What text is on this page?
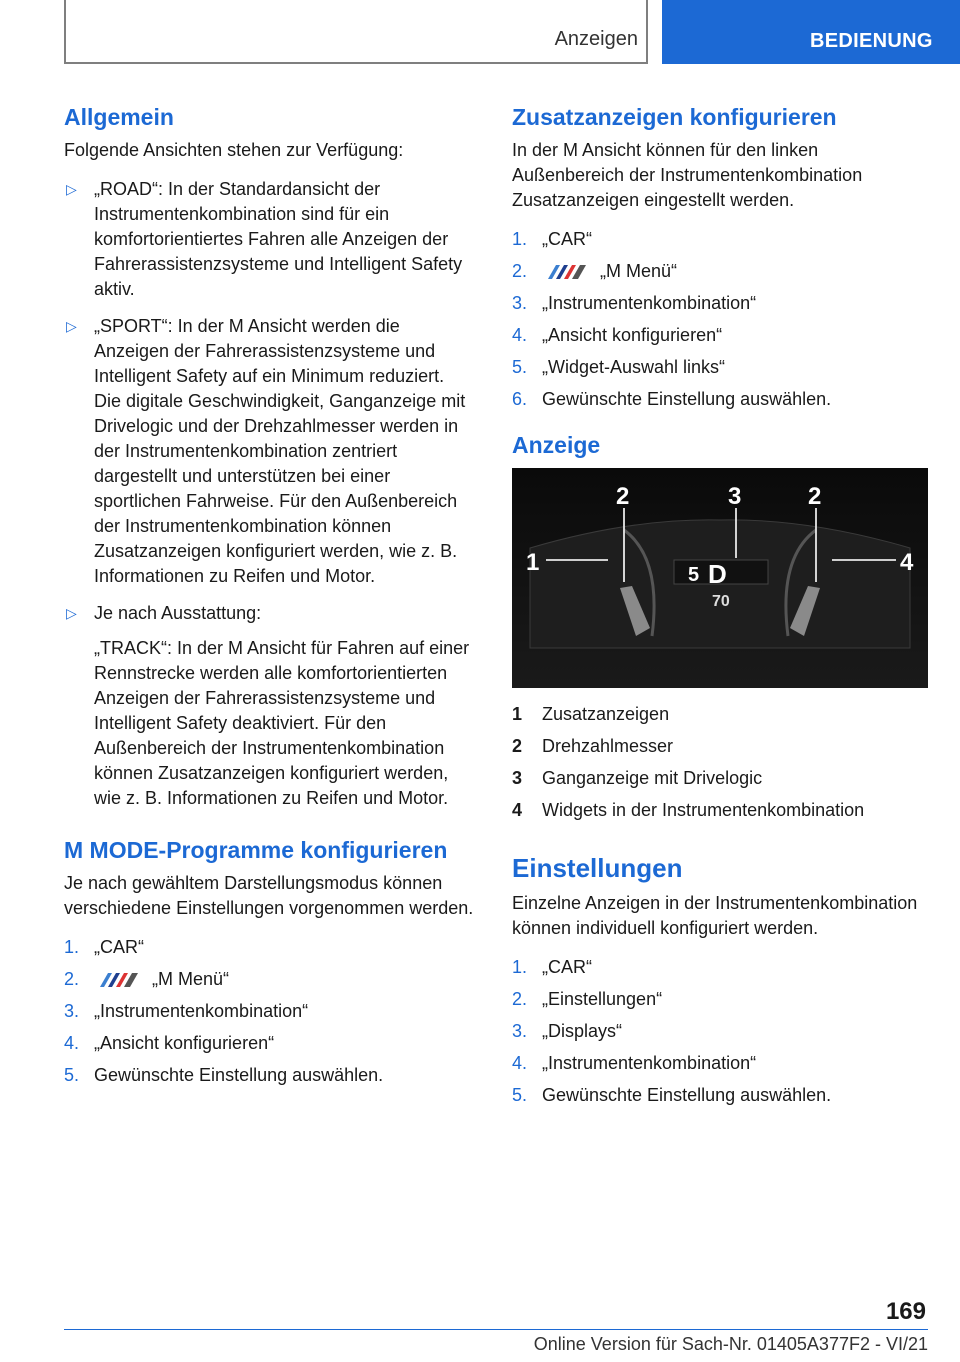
Anzeigen	BEDIENUNG
Allgemein

Folgende Ansichten stehen zur Verfügung:

▷ „ROAD“: In der Standardansicht der Instrumentenkombination sind für ein komfortorientiertes Fahren alle Anzeigen der Fahrerassistenzsysteme und Intelligent Safety aktiv.
▷ „SPORT“: In der M Ansicht werden die Anzeigen der Fahrerassistenzsysteme und Intelligent Safety auf ein Minimum reduziert. Die digitale Geschwindigkeit, Ganganzeige mit Drivelogic und der Drehzahlmesser werden in der Instrumentenkombination zentriert dargestellt und unterstützen bei einer sportlichen Fahrweise. Für den Außenbereich der Instrumentenkombination können Zusatzanzeigen konfiguriert werden, wie z. B. Informationen zu Reifen und Motor.
▷ Je nach Ausstattung:
„TRACK“: In der M Ansicht für Fahren auf einer Rennstrecke werden alle komfortorientierten Anzeigen der Fahrerassistenzsysteme und Intelligent Safety deaktiviert. Für den Außenbereich der Instrumentenkombination können Zusatzanzeigen konfiguriert werden, wie z. B. Informationen zu Reifen und Motor.
M MODE-Programme konfigurieren

Je nach gewähltem Darstellungsmodus können verschiedene Einstellungen vorgenommen werden.

1. „CAR“
2.	„M Menü“
3. „Instrumentenkombination“
4. „Ansicht konfigurieren“
5. Gewünschte Einstellung auswählen.
Zusatzanzeigen konfigurieren

In der M Ansicht können für den linken Außenbereich der Instrumentenkombination Zusatzanzeigen eingestellt werden.

1. „CAR“
2.	„M Menü“
3. „Instrumentenkombination“
4. „Ansicht konfigurieren“
5. „Widget-Auswahl links“
6. Gewünschte Einstellung auswählen.
Anzeige
5 D
70
1
2	3	2
4
1 Zusatzanzeigen
2 Drehzahlmesser
3 Ganganzeige mit Drivelogic
4 Widgets in der Instrumentenkombination
Einstellungen

Einzelne Anzeigen in der Instrumentenkombination können individuell konfiguriert werden.

1. „CAR“
2. „Einstellungen“
3. „Displays“
4. „Instrumentenkombination“
5. Gewünschte Einstellung auswählen.
169
Online Version für Sach-Nr. 01405A377F2 - VI/21
